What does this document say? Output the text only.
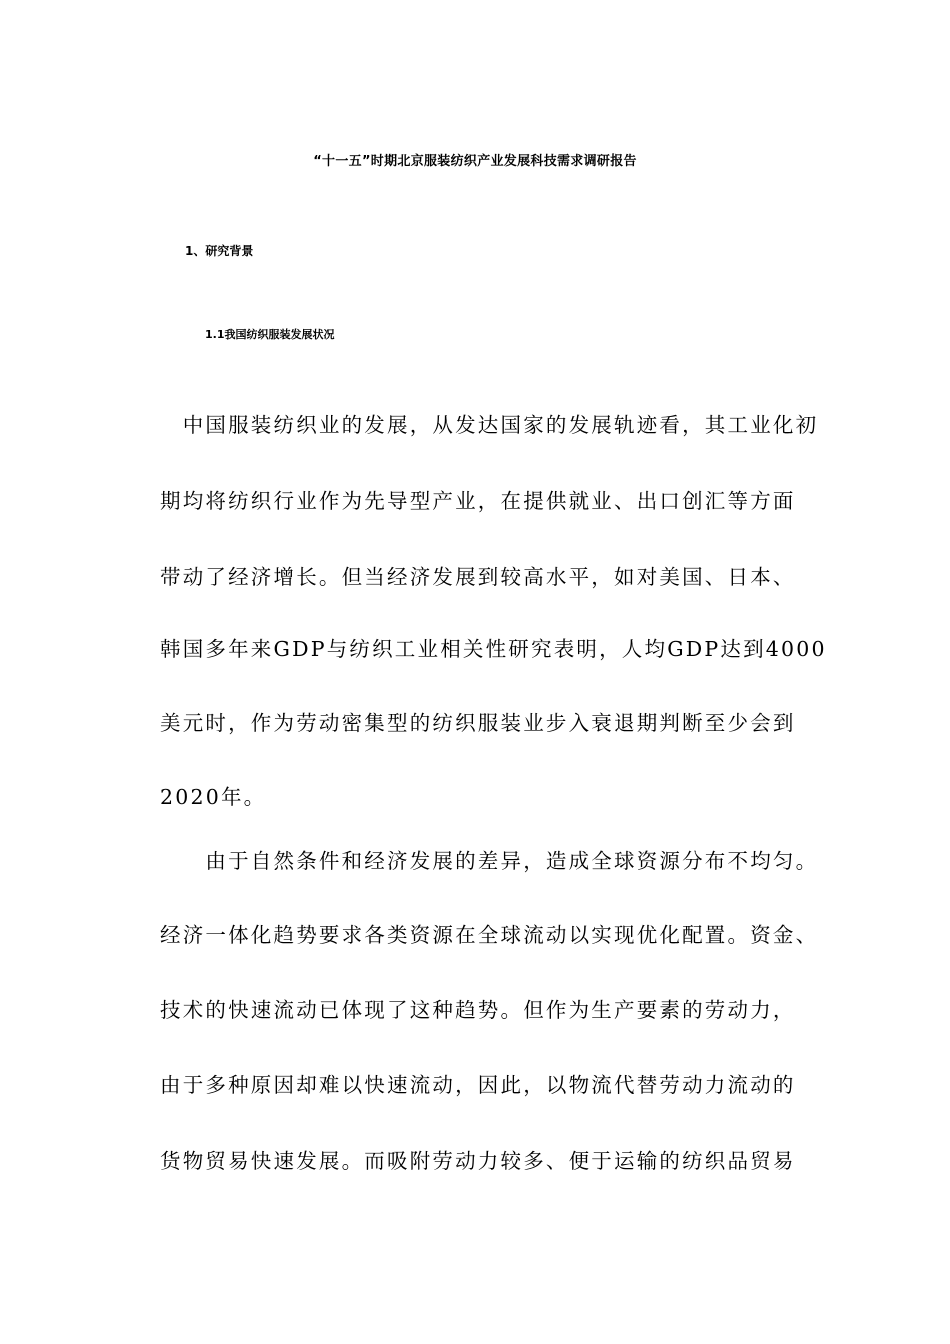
“十一五”时期北京服装纺织产业发展科技需求调研报告
1、研究背景
1.1我国纺织服装发展状况
　中国服装纺织业的发展，从发达国家的发展轨迹看，其工业化初
期均将纺织行业作为先导型产业，在提供就业、出口创汇等方面
带动了经济增长。但当经济发展到较高水平，如对美国、日本、
韩国多年来GDP与纺织工业相关性研究表明，人均GDP达到4000
美元时，作为劳动密集型的纺织服装业步入衰退期判断至少会到
2020年。
　　由于自然条件和经济发展的差异，造成全球资源分布不均匀。
经济一体化趋势要求各类资源在全球流动以实现优化配置。资金、
技术的快速流动已体现了这种趋势。但作为生产要素的劳动力，
由于多种原因却难以快速流动，因此，以物流代替劳动力流动的
货物贸易快速发展。而吸附劳动力较多、便于运输的纺织品贸易
